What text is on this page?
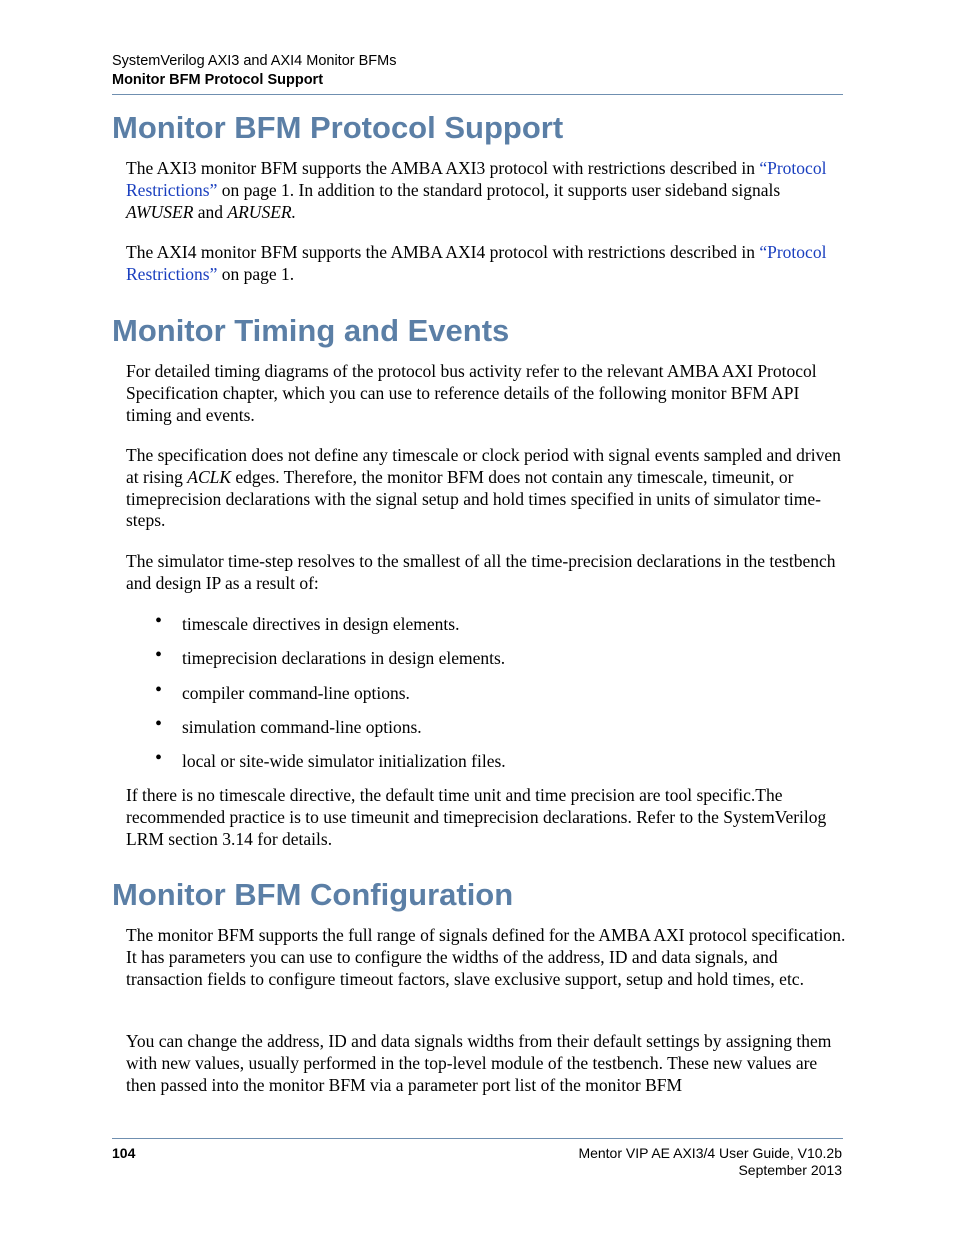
SystemVerilog AXI3 and AXI4 Monitor BFMs
Monitor BFM Protocol Support
Monitor BFM Protocol Support

The AXI3 monitor BFM supports the AMBA AXI3 protocol with restrictions described in “Protocol Restrictions” on page 1. In addition to the standard protocol, it supports user sideband signals AWUSER and ARUSER.

The AXI4 monitor BFM supports the AMBA AXI4 protocol with restrictions described in “Protocol Restrictions” on page 1.

Monitor Timing and Events

For detailed timing diagrams of the protocol bus activity refer to the relevant AMBA AXI Protocol Specification chapter, which you can use to reference details of the following monitor BFM API timing and events.

The specification does not define any timescale or clock period with signal events sampled and driven at rising ACLK edges. Therefore, the monitor BFM does not contain any timescale, timeunit, or timeprecision declarations with the signal setup and hold times specified in units of simulator time-steps.

The simulator time-step resolves to the smallest of all the time-precision declarations in the testbench and design IP as a result of:

• timescale directives in design elements.
• timeprecision declarations in design elements.
• compiler command-line options.
• simulation command-line options.
• local or site-wide simulator initialization files.

If there is no timescale directive, the default time unit and time precision are tool specific.The recommended practice is to use timeunit and timeprecision declarations. Refer to the SystemVerilog LRM section 3.14 for details.

Monitor BFM Configuration

The monitor BFM supports the full range of signals defined for the AMBA AXI protocol specification. It has parameters you can use to configure the widths of the address, ID and data signals, and transaction fields to configure timeout factors, slave exclusive support, setup and hold times, etc.

You can change the address, ID and data signals widths from their default settings by assigning them with new values, usually performed in the top-level module of the testbench. These new values are then passed into the monitor BFM via a parameter port list of the monitor BFM

104	Mentor VIP AE AXI3/4 User Guide, V10.2b
September 2013
